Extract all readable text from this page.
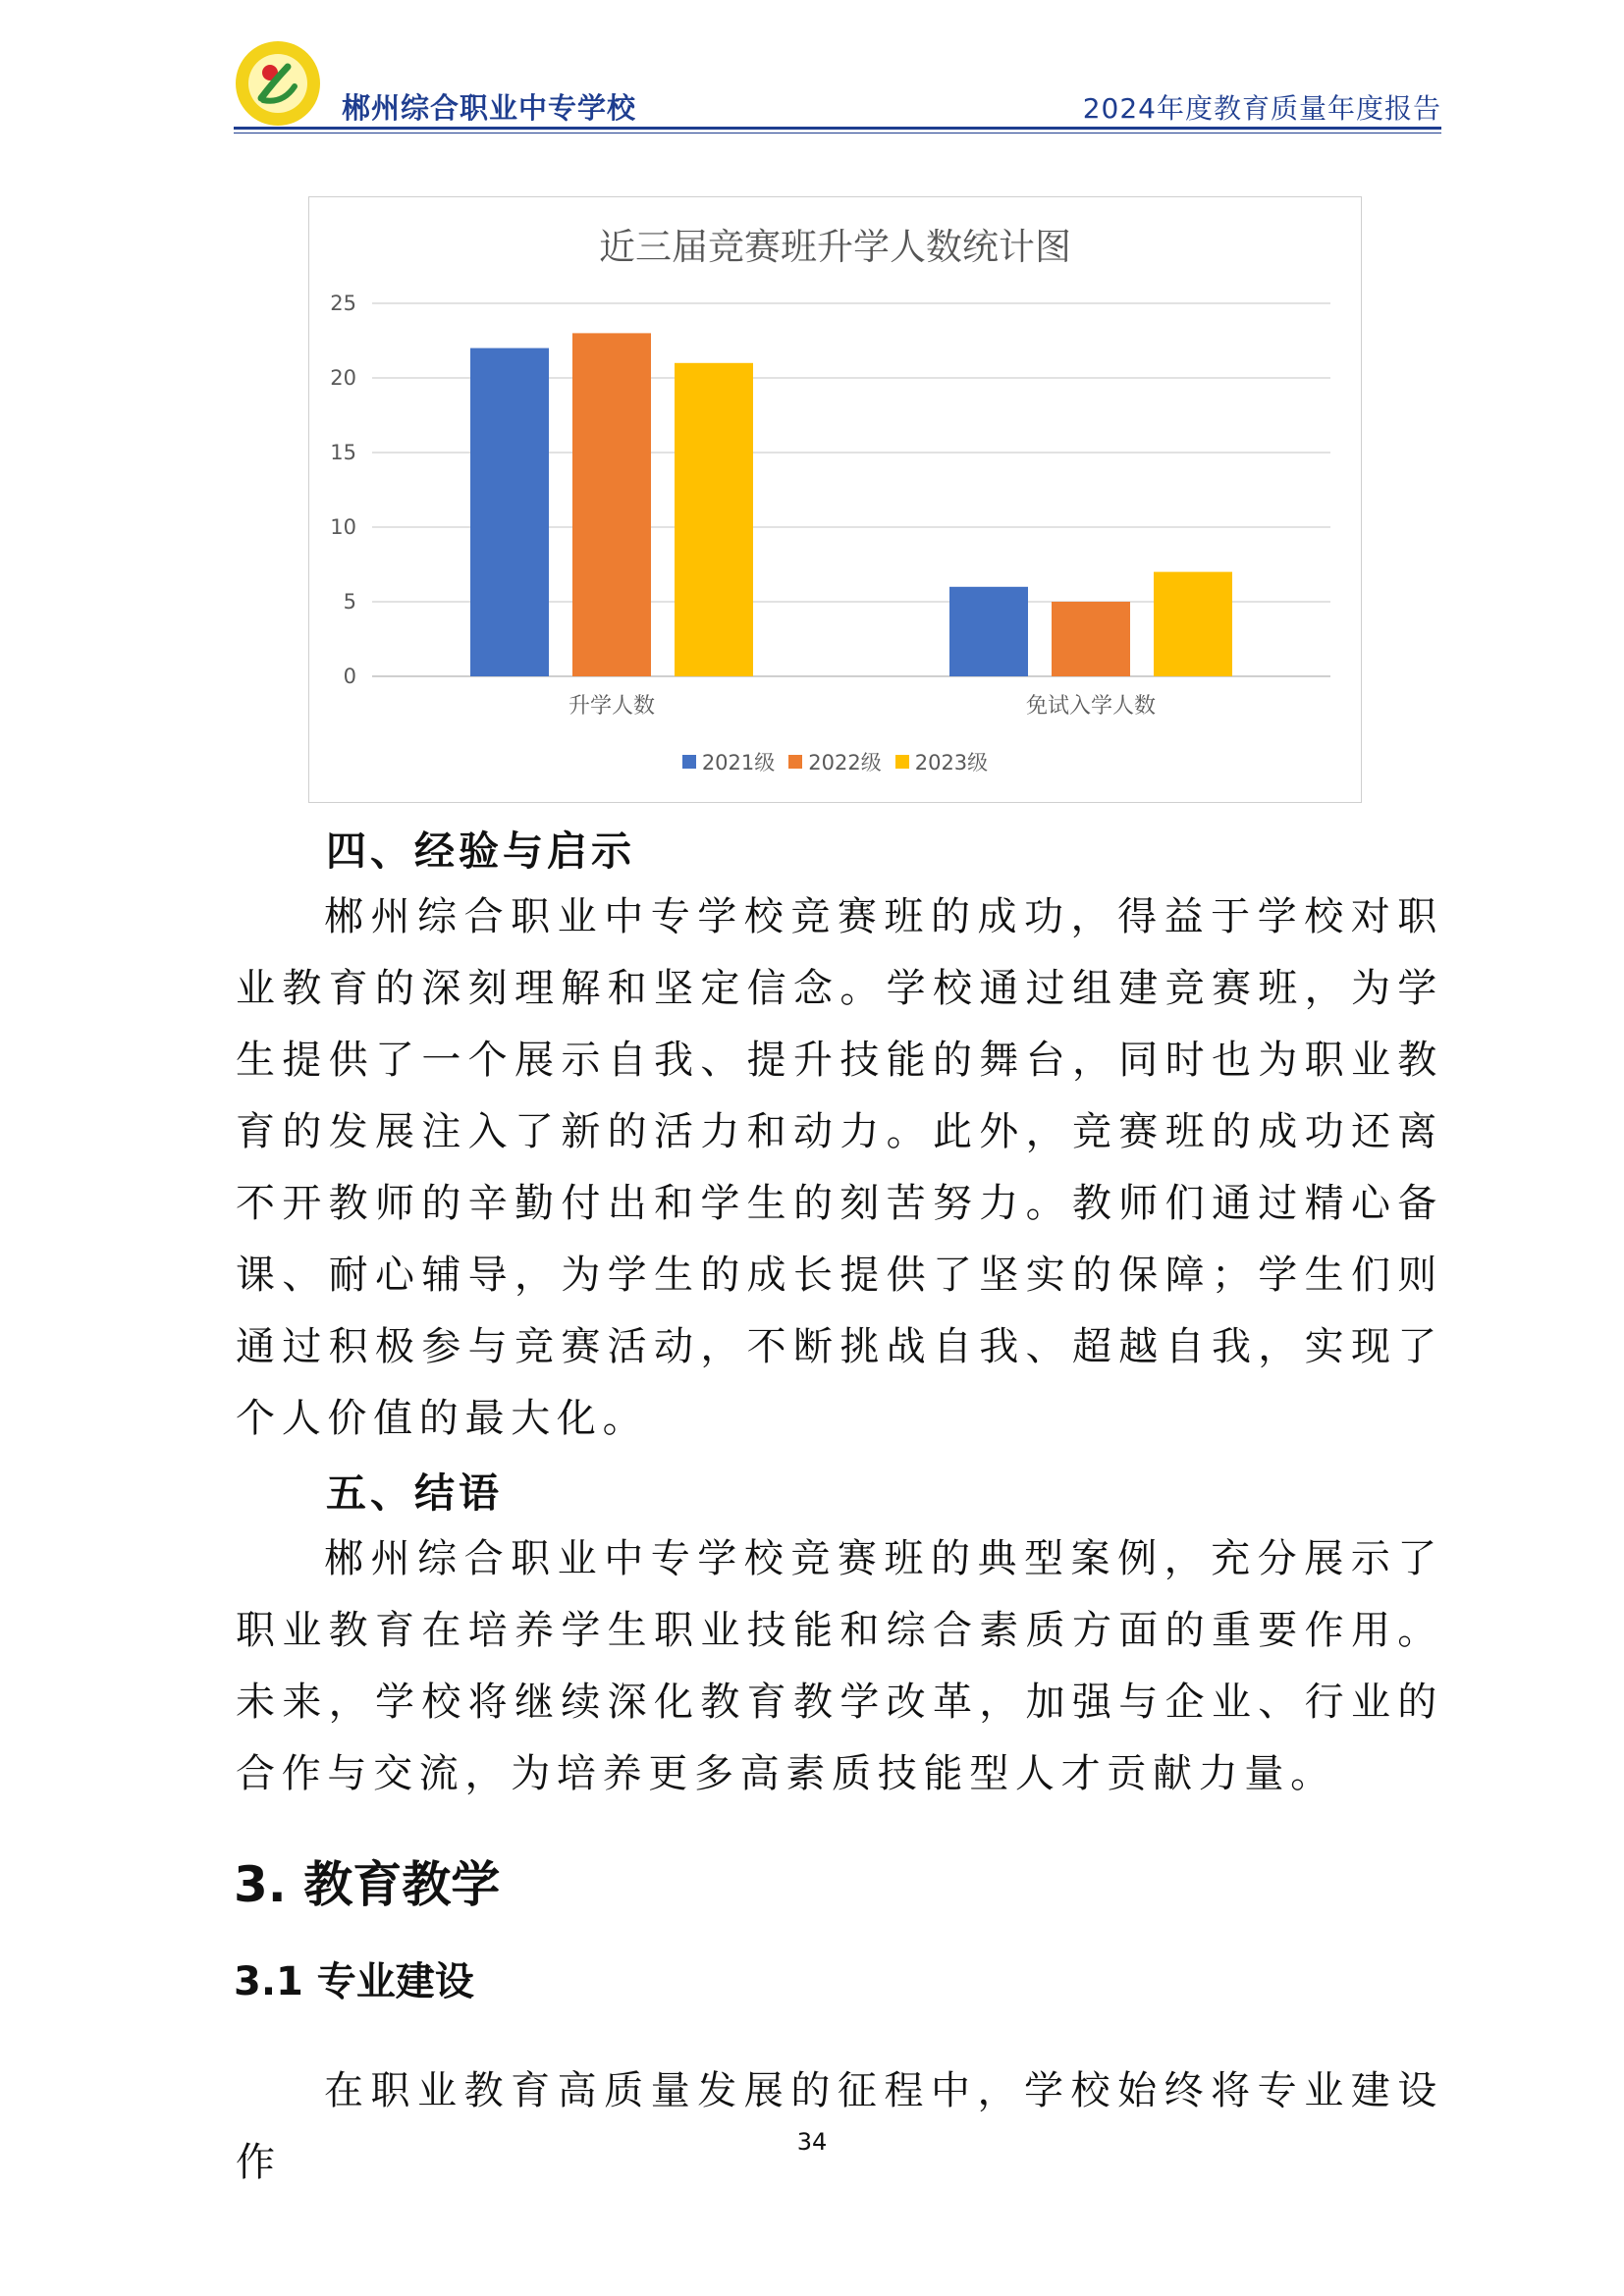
郴州综合职业中专学校	2024年度教育质量年度报告
近三届竞赛班升学人数统计图
0
5
10
15
20
25
升学人数	免试入学人数
2021级 2022级 2023级
四、经验与启示

郴州综合职业中专学校竞赛班的成功，得益于学校对职业教育的深刻理解和坚定信念。学校通过组建竞赛班，为学生提供了一个展示自我、提升技能的舞台，同时也为职业教育的发展注入了新的活力和动力。此外，竞赛班的成功还离不开教师的辛勤付出和学生的刻苦努力。教师们通过精心备课、耐心辅导，为学生的成长提供了坚实的保障；学生们则通过积极参与竞赛活动，不断挑战自我、超越自我，实现了个人价值的最大化。

五、结语

郴州综合职业中专学校竞赛班的典型案例，充分展示了职业教育在培养学生职业技能和综合素质方面的重要作用。未来，学校将继续深化教育教学改革，加强与企业、行业的合作与交流，为培养更多高素质技能型人才贡献力量。

3. 教育教学
3.1 专业建设

在职业教育高质量发展的征程中，学校始终将专业建设作	34
